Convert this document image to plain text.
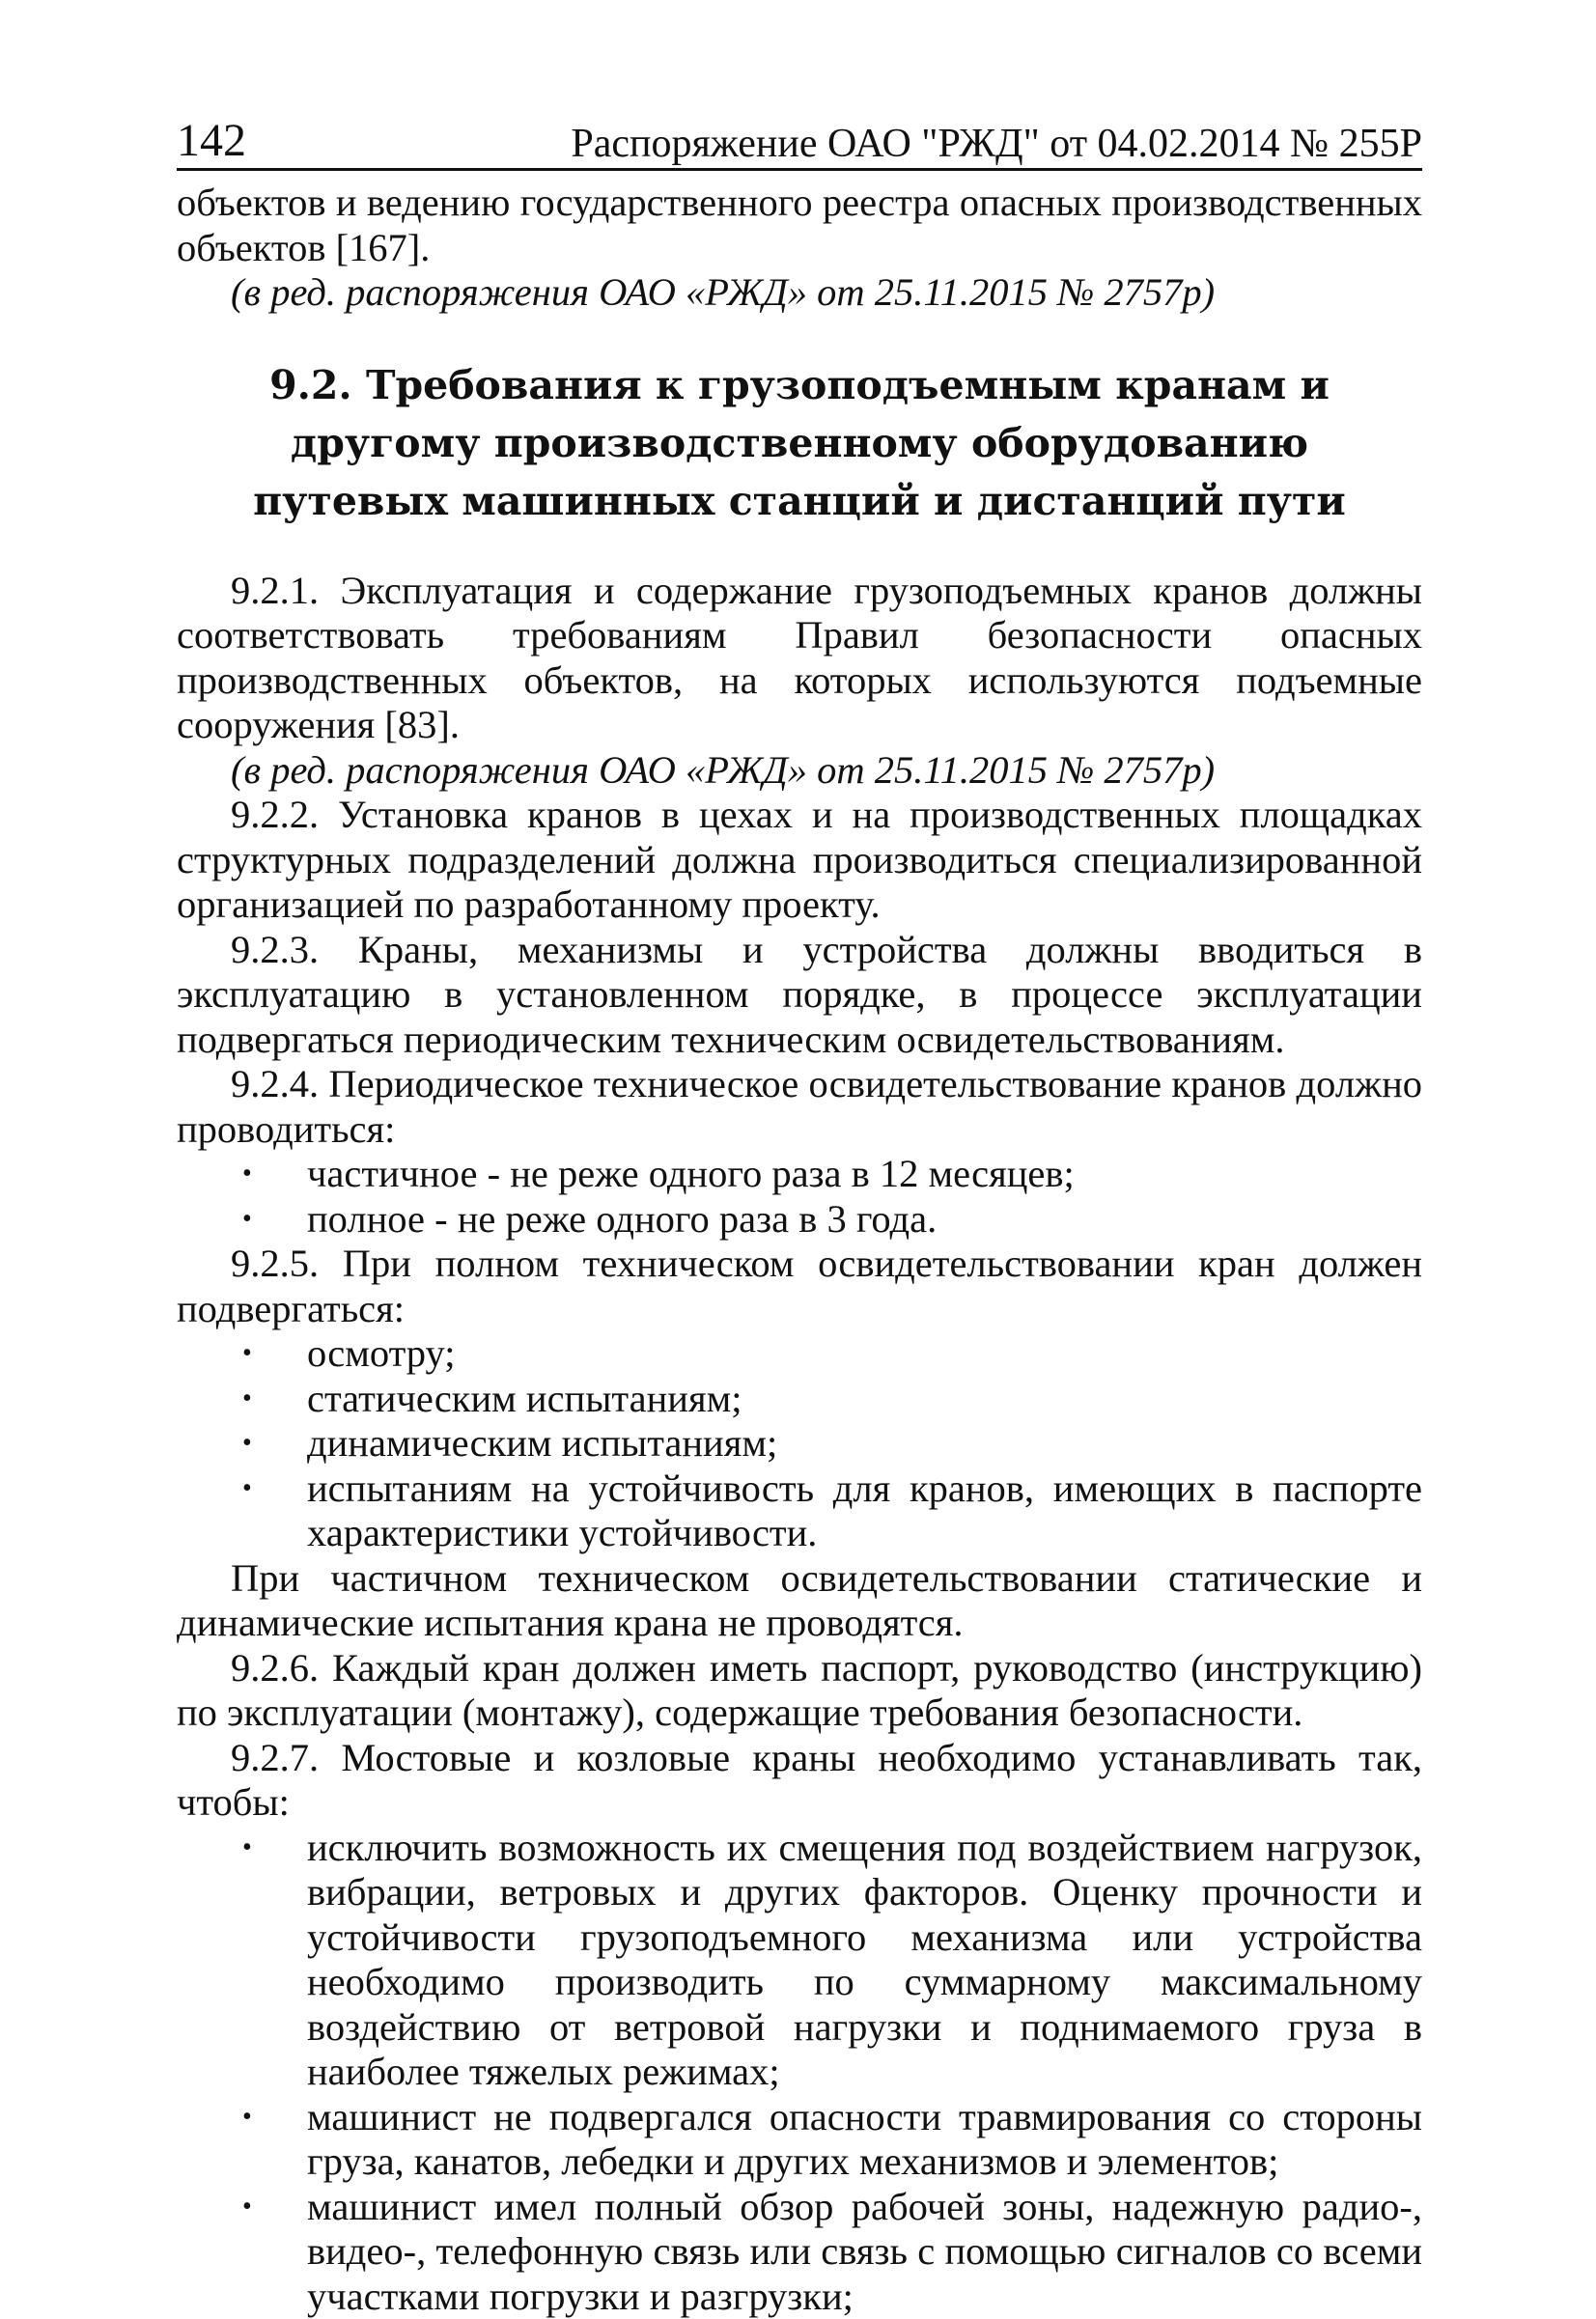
142	Распоряжение ОАО "РЖД" от 04.02.2014 № 255Р

объектов и ведению государственного реестра опасных производственных объектов [167].

(в ред. распоряжения ОАО «РЖД» от 25.11.2015 № 2757р)

9.2. Требования к грузоподъемным кранам и другому производственному оборудованию путевых машинных станций и дистанций пути

9.2.1. Эксплуатация и содержание грузоподъемных кранов должны соответствовать требованиям Правил безопасности опасных производственных объектов, на которых используются подъемные сооружения [83].

(в ред. распоряжения ОАО «РЖД» от 25.11.2015 № 2757р)

9.2.2. Установка кранов в цехах и на производственных площадках структурных подразделений должна производиться специализированной организацией по разработанному проекту.

9.2.3. Краны, механизмы и устройства должны вводиться в эксплуатацию в установленном порядке, в процессе эксплуатации подвергаться периодическим техническим освидетельствованиям.

9.2.4. Периодическое техническое освидетельствование кранов должно проводиться:

• частичное - не реже одного раза в 12 месяцев;
• полное - не реже одного раза в 3 года.

9.2.5. При полном техническом освидетельствовании кран должен подвергаться:

• осмотру;
• статическим испытаниям;
• динамическим испытаниям;
• испытаниям на устойчивость для кранов, имеющих в паспорте характеристики устойчивости.

При частичном техническом освидетельствовании статические и динамические испытания крана не проводятся.

9.2.6. Каждый кран должен иметь паспорт, руководство (инструкцию) по эксплуатации (монтажу), содержащие требования безопасности.

9.2.7. Мостовые и козловые краны необходимо устанавливать так, чтобы:

• исключить возможность их смещения под воздействием нагрузок, вибрации, ветровых и других факторов. Оценку прочности и устойчивости грузоподъемного механизма или устройства необходимо производить по суммарному максимальному воздействию от ветровой нагрузки и поднимаемого груза в наиболее тяжелых режимах;
• машинист не подвергался опасности травмирования со стороны груза, канатов, лебедки и других механизмов и элементов;
• машинист имел полный обзор рабочей зоны, надежную радио-, видео-, телефонную связь или связь с помощью сигналов со всеми участками погрузки и разгрузки;
